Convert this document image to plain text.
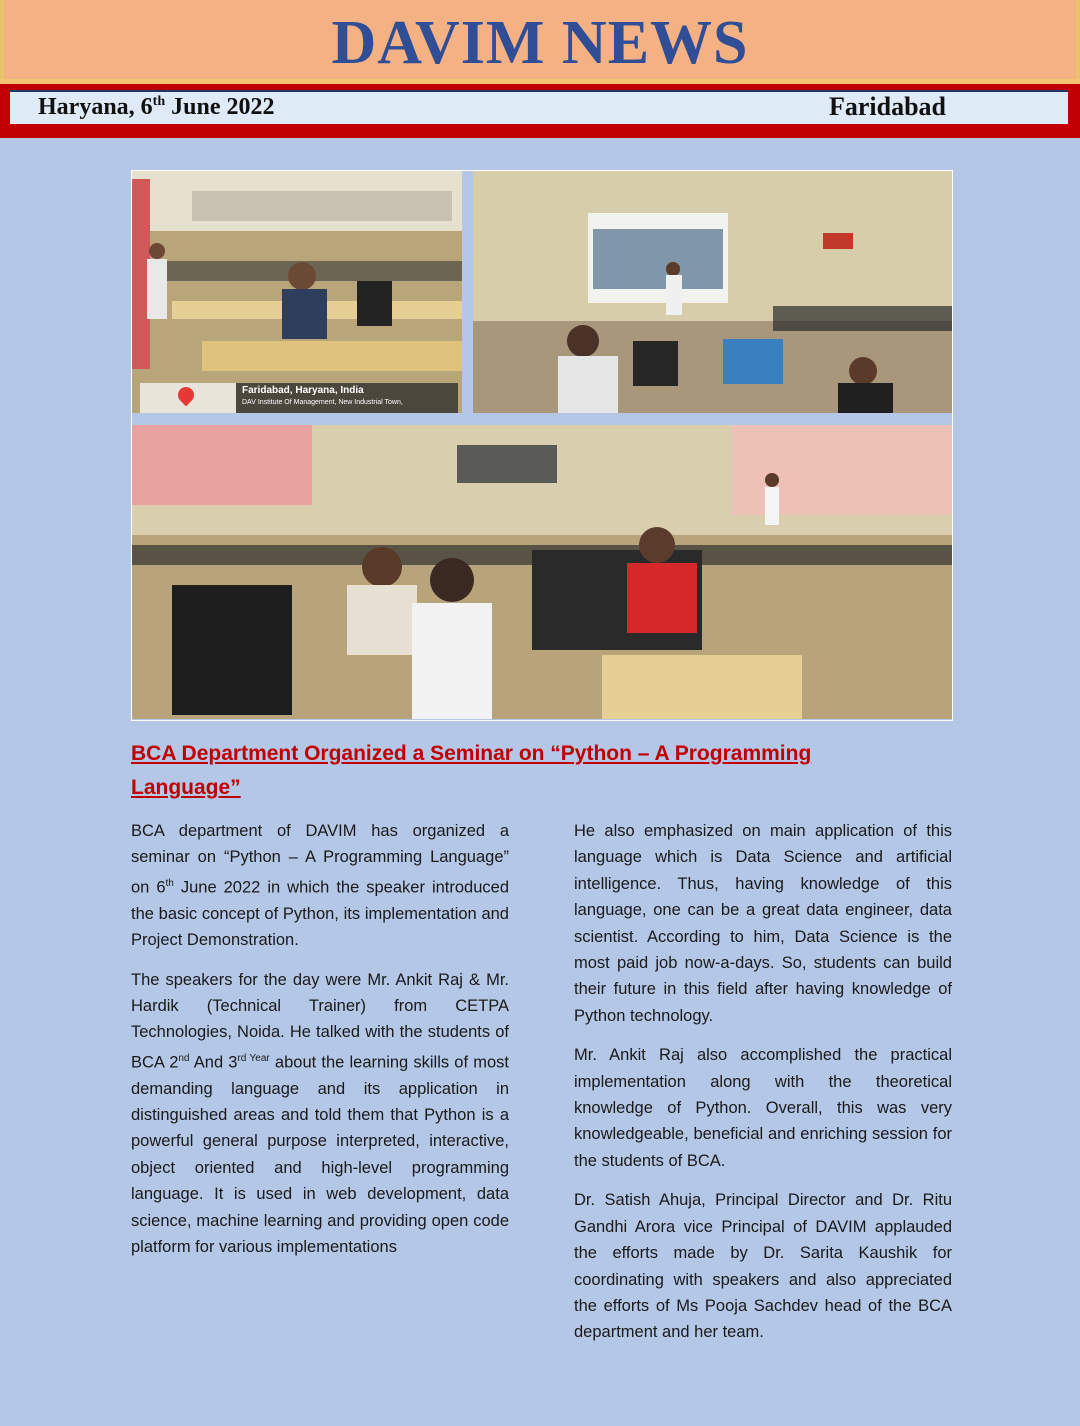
DAVIM NEWS
Haryana, 6th June 2022	Faridabad
Faridabad, Haryana, India
DAV Institute Of Management, New Industrial Town,
BCA Department Organized a Seminar on “Python – A Programming Language”

BCA department of DAVIM has organized a seminar on “Python – A Programming Language” on 6th June 2022 in which the speaker introduced the basic concept of Python, its implementation and Project Demonstration.

The speakers for the day were Mr. Ankit Raj & Mr. Hardik (Technical Trainer) from CETPA Technologies, Noida. He talked with the students of BCA 2nd And $3^{rd Year}$ about the learning skills of most demanding language and its application in distinguished areas and told them that Python is a powerful general purpose interpreted, interactive, object oriented and high-level programming language. It is used in web development, data science, machine learning and providing open code platform for various implementations

He also emphasized on main application of this language which is Data Science and artificial intelligence. Thus, having knowledge of this language, one can be a great data engineer, data scientist. According to him, Data Science is the most paid job now-a-days. So, students can build their future in this field after having knowledge of Python technology.

Mr. Ankit Raj also accomplished the practical implementation along with the theoretical knowledge of Python. Overall, this was very knowledgeable, beneficial and enriching session for the students of BCA.

Dr. Satish Ahuja, Principal Director and Dr. Ritu Gandhi Arora vice Principal of DAVIM applauded the efforts made by Dr. Sarita Kaushik for coordinating with speakers and also appreciated the efforts of Ms Pooja Sachdev head of the BCA department and her team.
